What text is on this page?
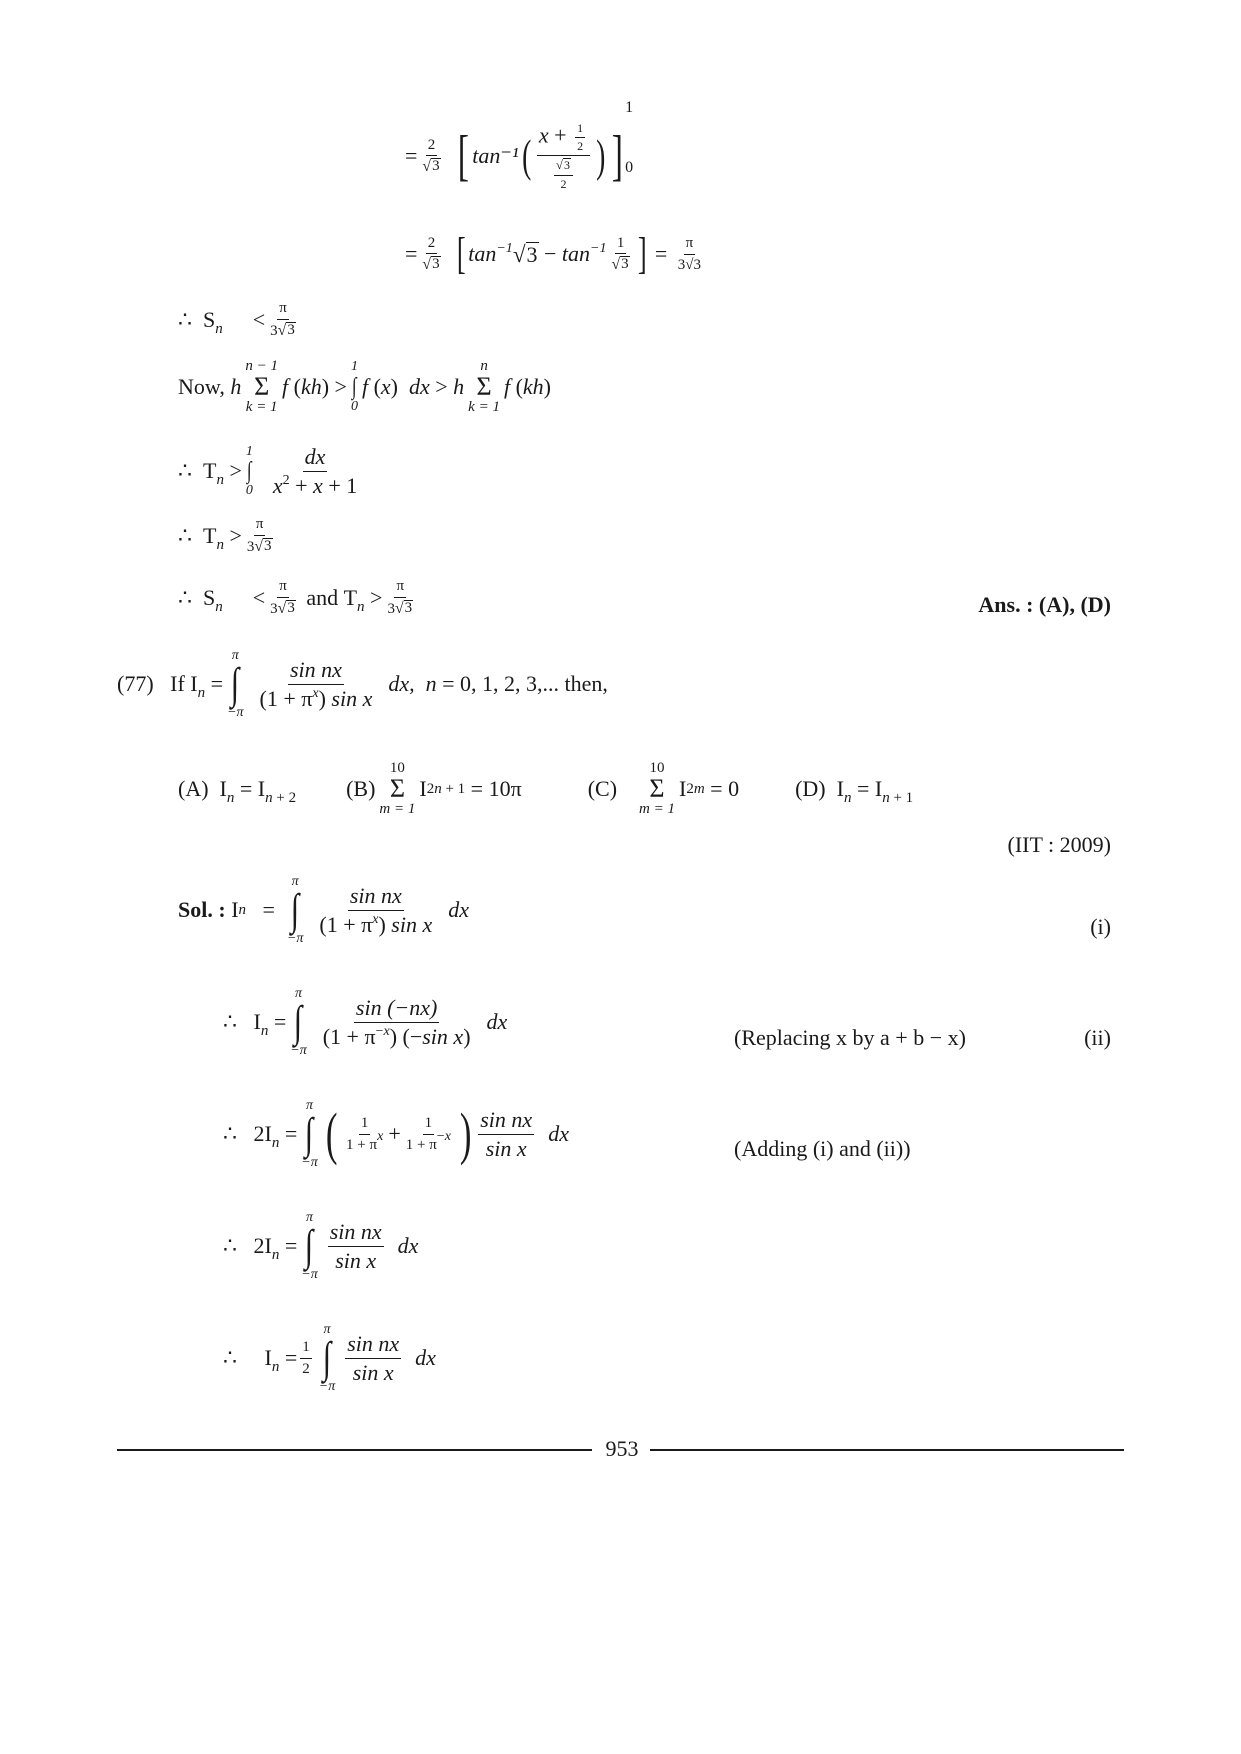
= $\frac{2}{√ 3}$ [ tan⁻¹ ( $\frac{x + \frac{1}{2}}{\frac{√ 3}{2}}$ ) ]
1
0
= $\frac{2}{√ 3}$ [ $\tan^{-1}$ √ $3 - \tan^{-1} \frac{1}{√ 3}$ ] = $\frac{\pi}{3√3}$
∴  $S_n < \frac{\pi}{3 √ 3}$
Now,
h
n − 1
Σ
k = 1
f ( kh ) >
1
∫
0
f ( x ) dx > h
n
Σ
k = 1
f ( kh )
∴  $T_n$ >
1
∫
$0 \frac{dx}{x^2 + x + 1}$
∴  $T_n > \frac{\pi}{3 √ 3}$
∴  $S_n < \frac{\pi}{3 √ 3}$ and $T_n > \frac{\pi}{3 √ 3}$	Ans. : (A), (D)
(77) If $I_n$ =
π
∫
−π
$\frac{\text{sin nx}}{(1 + \pi^x) \sin x}$ dx, n = 0, 1, 2, 3,... then,
(A)  $I_n = I_{n + 2}$ (B)
10
Σ
m = 1
I 2n + 1
= 10π	(C)
10
Σ
m = 1
I 2m
= 0	(D)  $I_n = I_{n + 1}$
(IIT : 2009)
Sol. : I n =
π
∫
−π
$\frac{\text{sin nx}}{(1 + \pi^x) \sin x}$ dx
(i)
∴   $I_n$ =
π
∫
−π
$\frac{\sin (-nx)}{(1 + \pi^{-x}) (-\sin x)}$ dx
(Replacing x by a + b − x)	(ii)
∴   $2I_n$ =
π
∫
−π ( $\frac{1}{1 + \pi^x} + \frac{1}{1 + \pi^{-x}}$ ) $\frac{\text{sin nx}}{\text{sin x}}$ dx
(Adding (i) and (ii))
∴   $2I_n$ =
π
∫
−π
$\frac{\text{sin nx}}{\text{sin x}}$ dx
∴     $I_n = \frac{1}{2}$
π
∫
−π
$\frac{\text{sin nx}}{\text{sin x}}$ dx
953
